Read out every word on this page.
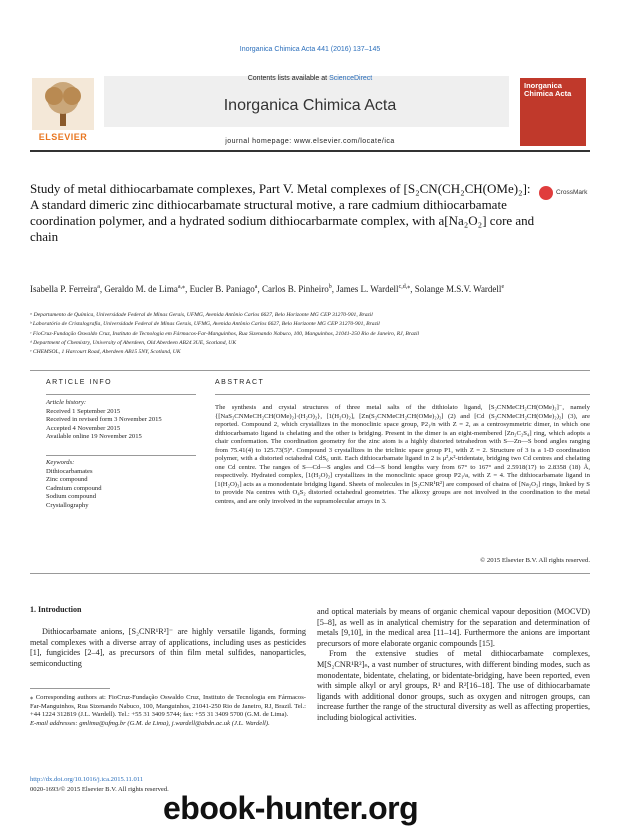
Inorganica Chimica Acta 441 (2016) 137–145
Contents lists available at ScienceDirect
Inorganica Chimica Acta
journal homepage: www.elsevier.com/locate/ica
ELSEVIER
Inorganica Chimica Acta
Study of metal dithiocarbamate complexes, Part V. Metal complexes of [S₂CN(CH₂CH(OMe)₂]: A standard dimeric zinc dithiocarbamate structural motive, a rare cadmium dithiocarbamate coordination polymer, and a hydrated sodium dithiocarbarmate complex, with a[Na₂O₂] core and chain
CrossMark
Isabella P. Ferreira$^a$, Geraldo M. de Lima$^{a,⁎}$, Eucler B. Paniago$^a$, Carlos B. Pinheiro$^b$, James L. Wardell$^{c,d,⁎}$, Solange M.S.V. Wardell$^e$
ᵃ Departamento de Química, Universidade Federal de Minas Gerais, UFMG, Avenida Antônio Carlos 6627, Belo Horizonte MG CEP 31270-901, Brazil
ᵇ Laboratório de Cristalografia, Universidade Federal de Minas Gerais, UFMG, Avenida Antônio Carlos 6627, Belo Horizonte MG CEP 31270-901, Brazil
ᶜ FioCruz-Fundação Oswaldo Cruz, Instituto de Tecnologia em Fármacos-Far-Manguinhos, Rua Sizenando Nabuco, 100, Manguinhos, 21041-250 Rio de Janeiro, RJ, Brazil
ᵈ Department of Chemistry, University of Aberdeen, Old Aberdeen AB24 3UE, Scotland, UK
ᵉ CHEMSOL, 1 Harcourt Road, Aberdeen AB15 5NY, Scotland, UK
ARTICLE INFO	ABSTRACT
Article history:
Received 1 September 2015
Received in revised form 3 November 2015
Accepted 4 November 2015
Available online 19 November 2015
Keywords:
Dithiocarbamates
Zinc compound
Cadmium compound
Sodium compound
Crystallography
The synthesis and crystal structures of three metal salts of the dithiolato ligand, [S₂CNMeCH₂CH(OMe)₂]⁻, namely {[NaS₂CNMeCH₂CH(OMe)₂]·(H₂O)₂}, [1(H₂O)₂], [Zn(S₂CNMeCH₂CH(OMe)₂)₂] (2) and [Cd (S₂CNMeCH₂CH(OMe)₂)₂] (3), are reported. Compound 2, which crystallizes in the monoclinic space group, P2₁/n with Z = 2, as a centrosymmetric dimer, in which one dithiocarbamato ligand is chelating and the other is bridging. Present in the dimer is an eight-membered [Zn₂C₂S₄] ring, which adopts a chair conformation. The coordination geometry for the zinc atom is a highly distorted tetrahedron with S—Zn—S bond angles ranging from 75.41(4) to 125.73(5)°. Compound 3 crystallizes in the triclinic space group P1, with Z = 2. Structure of 3 is a 1-D coordination polymer, with a distorted octahedral CdS₆ unit. Each dithiocarbamate ligand in 2 is μ²,κ²-tridentate, bridging two Cd centres and chelating one Cd centre. The ranges of S—Cd—S angles and Cd—S bond lengths vary from 67° to 167° and 2.5918(17) to 2.8358 (18) Å, respectively. Hydrated complex, [1(H₂O)₂] crystallizes in the monoclinic space group P2₁/a, with Z = 4. The dithiocarbamate ligand in [1(H₂O)₂] acts as a monodentate bridging ligand. Sheets of molecules in [S₂CNR¹R²] are composed of chains of [Na₂O₂] rings, linked by S to provide Na centres with O₄S₂ distorted octahedral geometries. The alkoxy groups are not involved in the coordination to the metal centres, and are only involved in the supramolecular arrays in 3.
© 2015 Elsevier B.V. All rights reserved.
1. Introduction
Dithiocarbamate anions, [S₂CNR¹R²]⁻ are highly versatile ligands, forming metal complexes with a diverse array of applications, including uses as pesticides [1], fungicides [2–4], as precursors of thin film metal sulfides, nanoparticles, semiconducting
and optical materials by means of organic chemical vapour deposition (MOCVD) [5–8], as well as in analytical chemistry for the separation and determination of metals [9,10], in the medical area [11–14]. Furthermore the anions are important precursors of more elaborate organic compounds [15].
From the extensive studies of metal dithiocarbamate complexes, M[S₂CNR¹R²]ₙ, a vast number of structures, with different binding modes, such as monodentate, bidentate, chelating, or bidentate-bridging, have been reported, even with simple alkyl or aryl groups, R¹ and R²[16–18]. The use of dithiocarbamate ligands with additional donor groups, such as oxygen and nitrogen groups, can increase further the range of the structural diversity as well as affecting properties, including biological activities.
⁎ Corresponding authors at: FioCruz-Fundação Oswaldo Cruz, Instituto de Tecnologia em Fármacos-Far-Manguinhos, Rua Sizenando Nabuco, 100, Manguinhos, 21041-250 Rio de Janeiro, RJ, Brazil. Tel.: +44 1224 312819 (J.L. Wardell). Tel.: +55 31 3409 5744; fax: +55 31 3409 5700 (G.M. de Lima).
E-mail addresses: gmlima@ufmg.br (G.M. de Lima), j.wardell@abdn.ac.uk (J.L. Wardell).
http://dx.doi.org/10.1016/j.ica.2015.11.011
0020-1693/© 2015 Elsevier B.V. All rights reserved.
ebook-hunter.org
